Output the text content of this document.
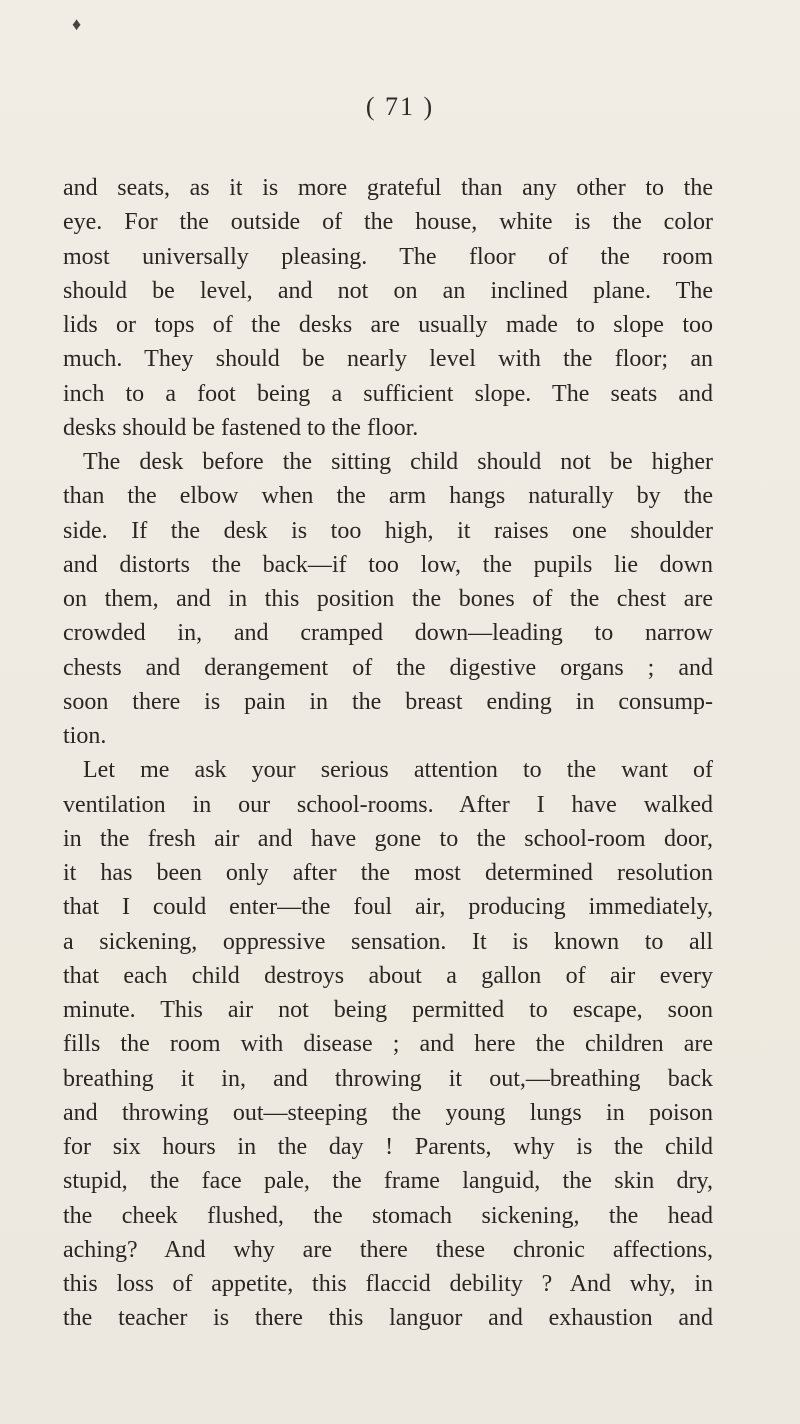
♦
( 71 )
and seats, as it is more grateful than any other to the
eye. For the outside of the house, white is the color
most universally pleasing. The floor of the room
should be level, and not on an inclined plane. The
lids or tops of the desks are usually made to slope too
much. They should be nearly level with the floor; an
inch to a foot being a sufficient slope. The seats and
desks should be fastened to the floor.
The desk before the sitting child should not be higher
than the elbow when the arm hangs naturally by the
side. If the desk is too high, it raises one shoulder
and distorts the back—if too low, the pupils lie down
on them, and in this position the bones of the chest are
crowded in, and cramped down—leading to narrow
chests and derangement of the digestive organs ; and
soon there is pain in the breast ending in consump-
tion.
Let me ask your serious attention to the want of
ventilation in our school-rooms. After I have walked
in the fresh air and have gone to the school-room door,
it has been only after the most determined resolution
that I could enter—the foul air, producing immediately,
a sickening, oppressive sensation. It is known to all
that each child destroys about a gallon of air every
minute. This air not being permitted to escape, soon
fills the room with disease ; and here the children are
breathing it in, and throwing it out,—breathing back
and throwing out—steeping the young lungs in poison
for six hours in the day ! Parents, why is the child
stupid, the face pale, the frame languid, the skin dry,
the cheek flushed, the stomach sickening, the head
aching? And why are there these chronic affections,
this loss of appetite, this flaccid debility ? And why, in
the teacher is there this languor and exhaustion and
